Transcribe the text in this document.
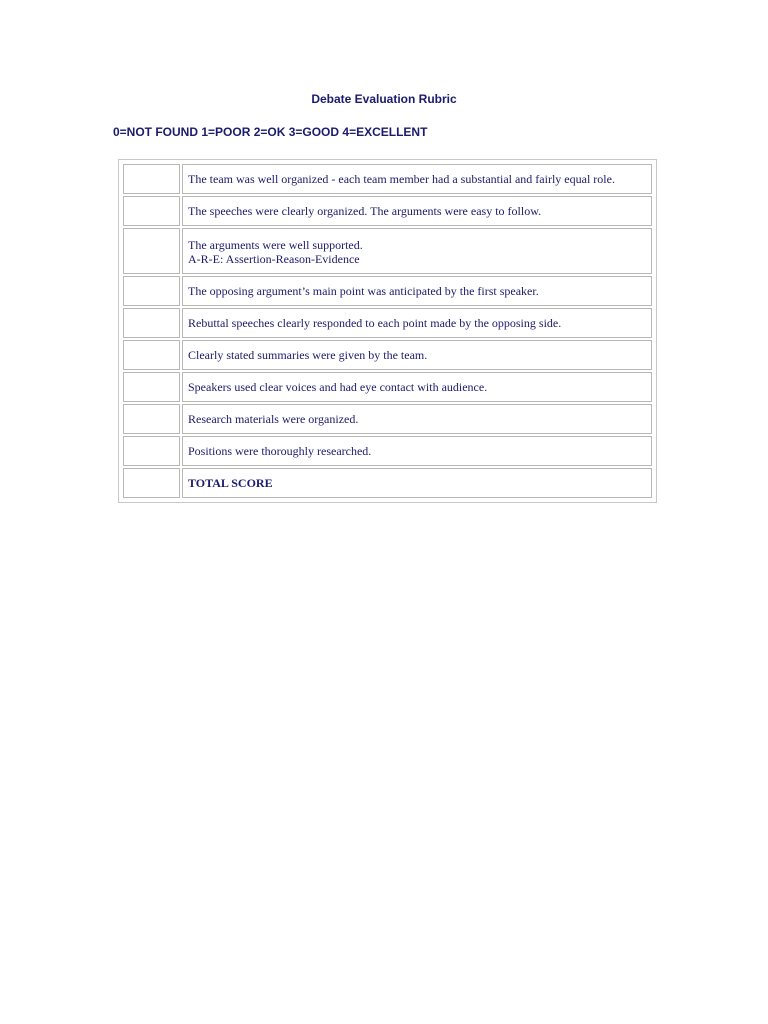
Debate Evaluation Rubric
0=NOT FOUND 1=POOR 2=OK 3=GOOD 4=EXCELLENT
	The team was well organized - each team member had a substantial and fairly equal role.
	The speeches were clearly organized. The arguments were easy to follow.
	The arguments were well supported.
A-R-E: Assertion-Reason-Evidence
	The opposing argument’s main point was anticipated by the first speaker.
	Rebuttal speeches clearly responded to each point made by the opposing side.
	Clearly stated summaries were given by the team.
	Speakers used clear voices and had eye contact with audience.
	Research materials were organized.
	Positions were thoroughly researched.
	TOTAL SCORE
